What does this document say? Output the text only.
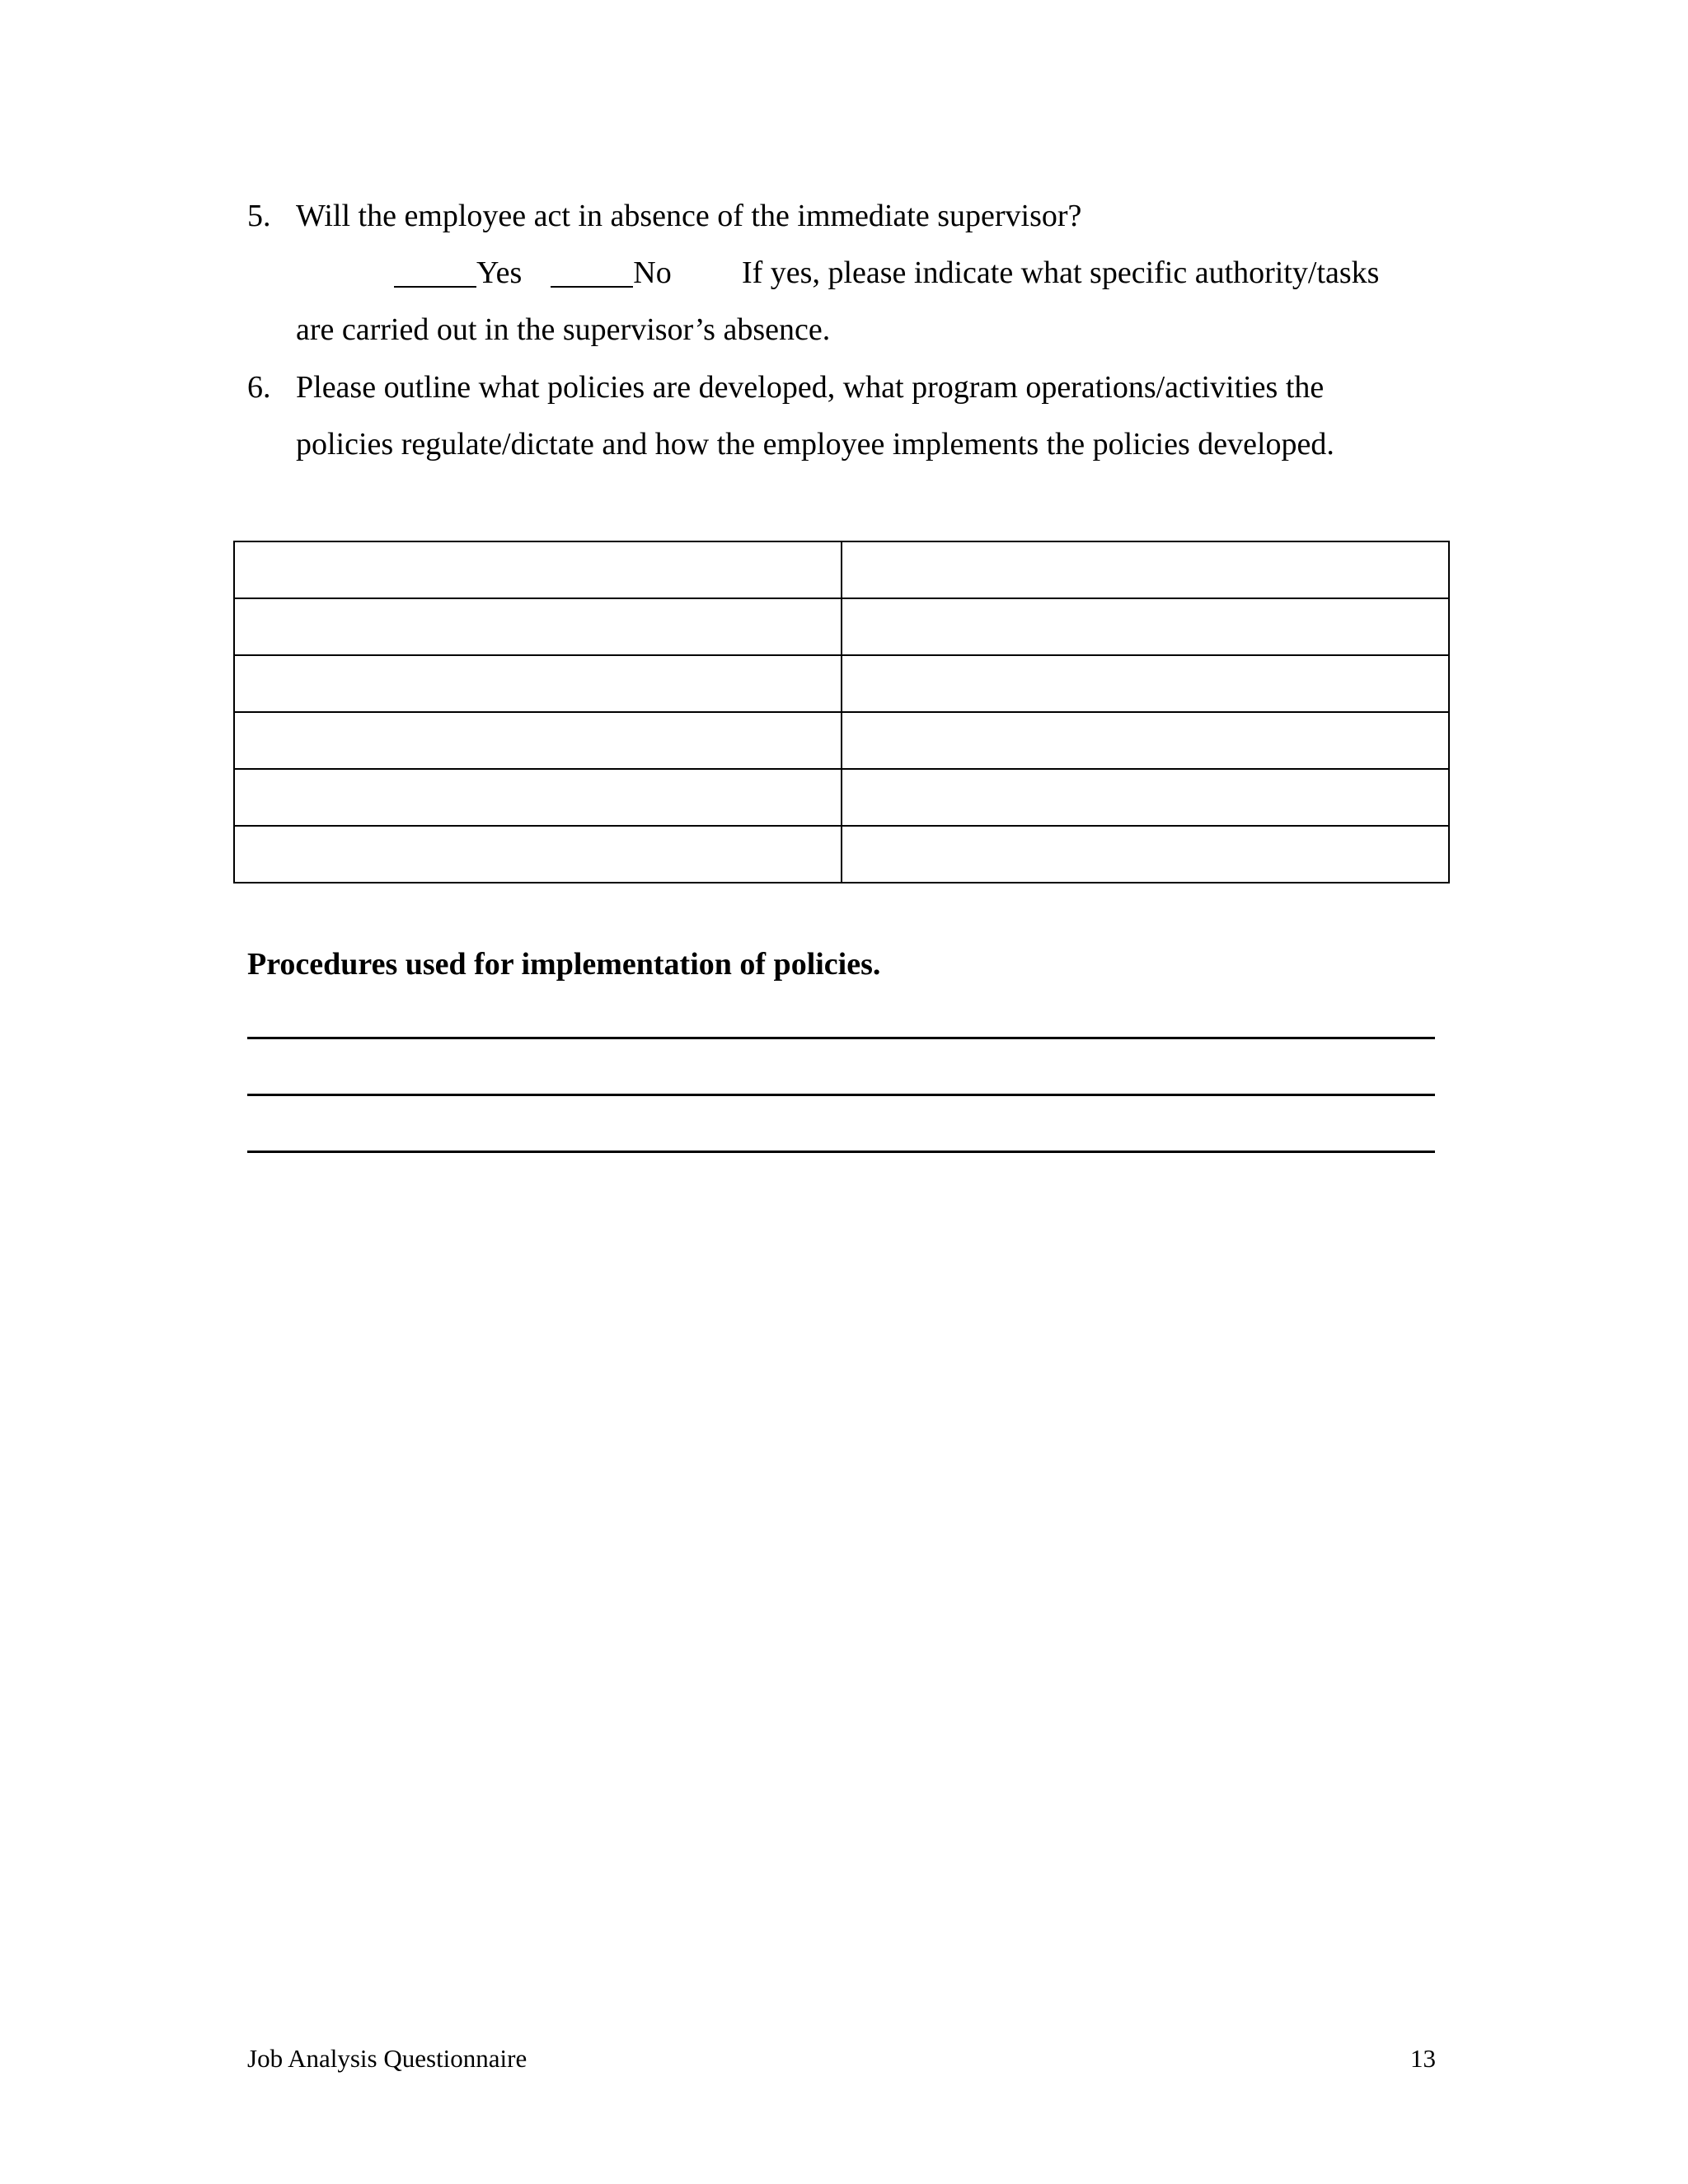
5. Will the employee act in absence of the immediate supervisor?
Yes	No If yes, please indicate what specific authority/tasks
are carried out in the supervisor’s absence.
6. Please outline what policies are developed, what program operations/activities the
policies regulate/dictate and how the employee implements the policies developed.

Procedures used for implementation of policies.
Job Analysis Questionnaire	13
